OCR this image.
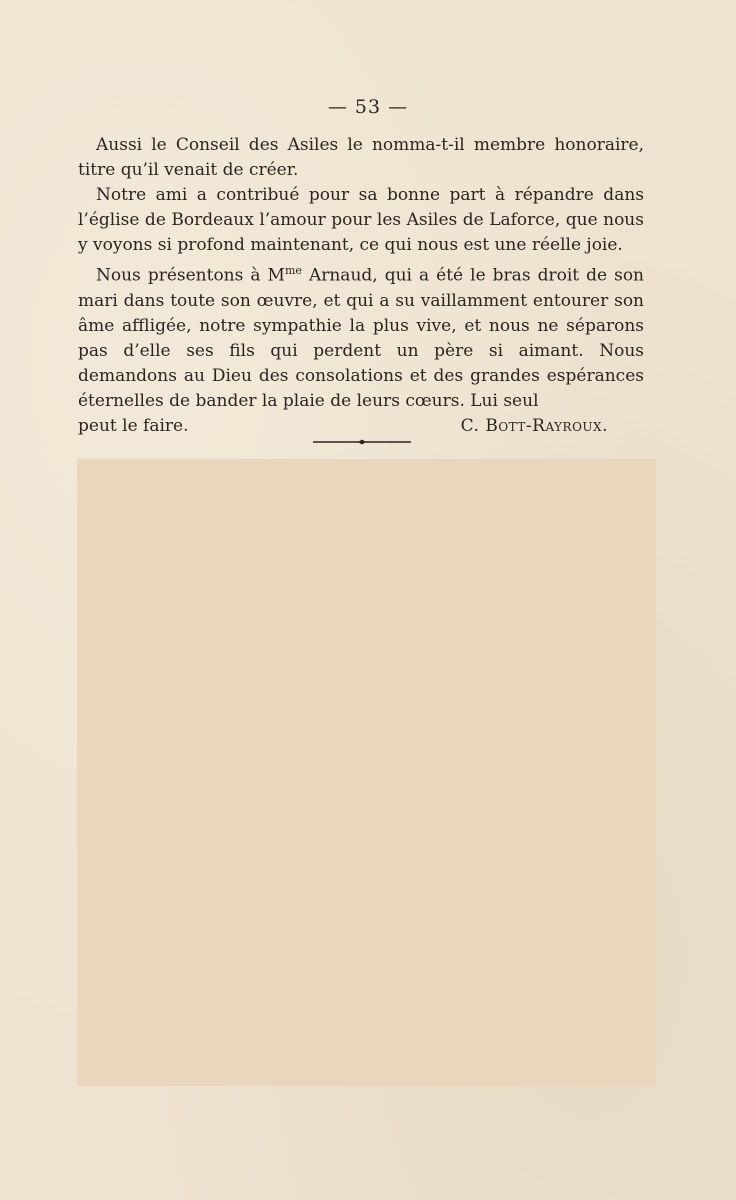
— 53 —

Aussi le Conseil des Asiles le nomma-t-il membre honoraire, titre qu’il venait de créer.

Notre ami a contribué pour sa bonne part à répandre dans l’église de Bordeaux l’amour pour les Asiles de Laforce, que nous y voyons si profond maintenant, ce qui nous est une réelle joie.

Nous présentons à $M^{me}$ Arnaud, qui a été le bras droit de son mari dans toute son œuvre, et qui a su vaillamment entourer son âme affligée, notre sympathie la plus vive, et nous ne séparons pas d’elle ses fils qui perdent un père si aimant. Nous demandons au Dieu des consolations et des grandes espérances éternelles de bander la plaie de leurs cœurs. Lui seul

peut le faire.	C. Bott-Rayroux.
